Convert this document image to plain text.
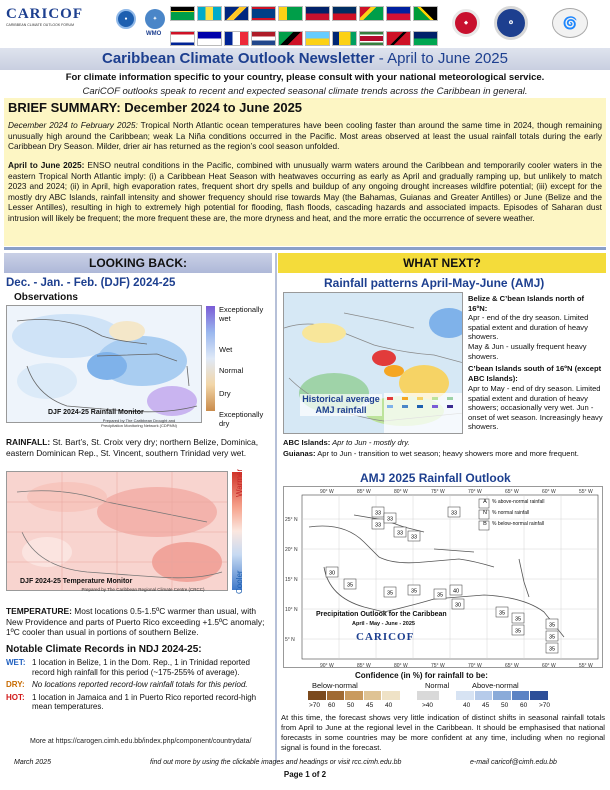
CARICOF
CARIBBEAN CLIMATE OUTLOOK FORUM
●	✦
WMO
◆	✪	🌀
Caribbean Climate Outlook Newsletter - April to June 2025
For climate information specific to your country, please consult with your national meteorological service.
CariCOF outlooks speak to recent and expected seasonal climate trends across the Caribbean in general.
BRIEF SUMMARY: December 2024 to June 2025
December 2024 to February 2025: Tropical North Atlantic ocean temperatures have been cooling faster than around the same time in 2024, though remaining unusually high around the Caribbean; weak La Niña conditions occurred in the Pacific. Most areas observed at least the usual rainfall totals during the early Caribbean Dry Season. Milder, drier air has returned as the region’s cool season unfolded.
April to June 2025: ENSO neutral conditions in the Pacific, combined with unusually warm waters around the Caribbean and temporarily cooler waters in the eastern Tropical North Atlantic imply: (i) a Caribbean Heat Season with heatwaves occurring as early as April and gradually ramping up, but unlikely to match 2023 and 2024; (ii) in April, high evaporation rates, frequent short dry spells and buildup of any ongoing drought increases wildfire potential; (iii) except for the mostly dry ABC Islands, rainfall intensity and shower frequency should rise towards May (the Bahamas, Guianas and Greater Antilles) or June (Belize and the Lesser Antilles), resulting in high to extremely high potential for flooding, flash floods, cascading hazards and associated impacts. Episodes of Saharan dust intrusion will likely be frequent; the more frequent these are, the more dryness and heat, and the more erratic the occurrence of severe weather.
LOOKING BACK:
Dec. - Jan. - Feb. (DJF) 2024-25
Observations
Exceptionally wet
Wet
Normal
Dry
Exceptionally dry
DJF 2024-25 Rainfall Monitor
Prepared by The Caribbean Drought and Precipitation Monitoring Network (CDPMN)
RAINFALL: St. Bart’s, St. Croix very dry; northern Belize, Dominica, eastern Dominican Rep., St. Vincent, southern Trinidad very wet.
Warmer
Cooler
DJF 2024-25 Temperature Monitor
Prepared by The Caribbean Regional Climate Centre (CRCC)
TEMPERATURE: Most locations 0.5-1.5ºC warmer than usual, with New Providence and parts of Puerto Rico exceeding +1.5ºC anomaly; 1ºC cooler than usual in portions of southern Belize.
Notable Climate Records in NDJ 2024-25:
WET: 1 location in Belize, 1 in the Dom. Rep., 1 in Trinidad reported record high rainfall for this period (~175-255% of average).
DRY: No locations reported record-low rainfall totals for this period.
HOT: 1 location in Jamaica and 1 in Puerto Rico reported record-high mean temperatures.
More at https://carogen.cimh.edu.bb/index.php/component/countrydata/
WHAT NEXT?
Rainfall patterns April-May-June (AMJ)
Historical average AMJ rainfall
Belize & C’bean Islands north of 16ºN:
Apr - end of the dry season. Limited spatial extent and duration of heavy showers.
May & Jun - usually frequent heavy showers.
C’bean Islands south of 16ºN (except ABC Islands):
Apr to May - end of dry season. Limited spatial extent and duration of heavy showers; occasionally very wet. Jun - onset of wet season. Increasingly heavy showers.
ABC Islands: Apr to Jun - mostly dry.
Guianas: Apr to Jun - transition to wet season; heavy showers more and more frequent.
AMJ 2025 Rainfall Outlook
33
33
33
33
33
33
30
35
35	35
35
40
30
35
35
35
35
35
35
90° W
90° W
85° W
85° W
80° W
80° W
75° W
75° W
70° W
70° W
65° W
65° W
60° W
60° W
55° W
55° W
25° N
20° N
15° N
10° N
5° N
A
N
B
% above-normal rainfall
% normal rainfall
% below-normal rainfall
Precipitation Outlook for the Caribbean
April - May - June - 2025
CARICOF
Confidence (in %) for rainfall to be:
Below-normal	Normal	Above-normal
>70 60 50 45 40	>40	40 45 50 60 >70
At this time, the forecast shows very little indication of distinct shifts in seasonal rainfall totals from April to June at the regional level in the Caribbean. It should be emphasised that national forecasts in some countries may be more confident at any time, including when no regional signal is found in the forecast.
March 2025	find out more by using the clickable images and headings or visit rcc.cimh.edu.bb	e-mail caricof@cimh.edu.bb
Page 1 of 2
